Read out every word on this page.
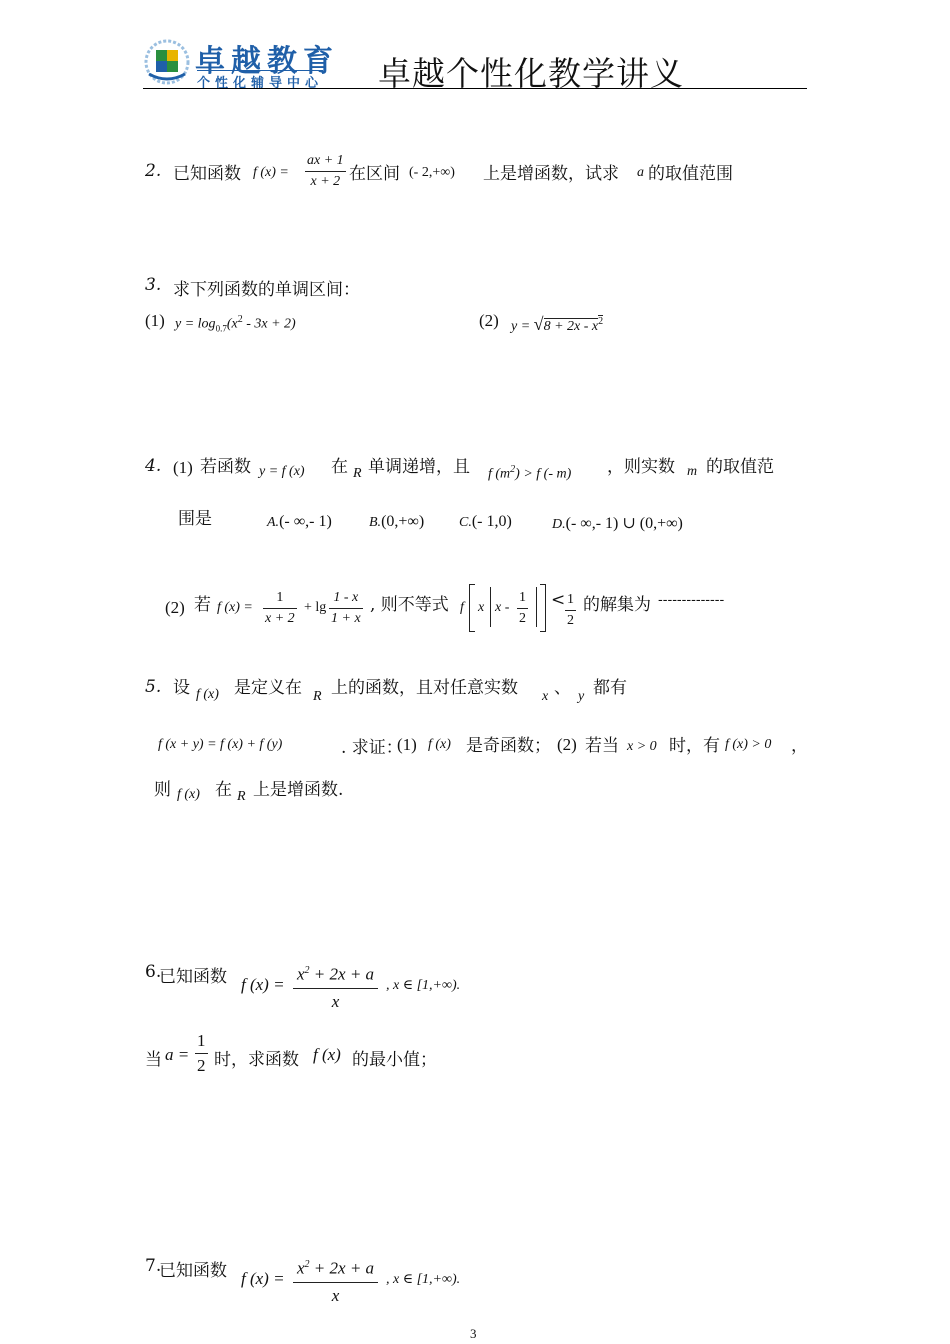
卓越教育
个性化辅导中心 卓越个性化教学讲义
2. 已知函数 f $(x) = \frac{ax + 1}{x + 2}$ 在区间 (- 2,+∞) 上是增函数，试求 a 的取值范围
3. 求下列函数的单调区间：
(1) $y = \log_{0.7}(x^2 - 3x + 2)$	(2) $y = √8 + 2x - x^2$
4. (1) 若函数 y = f (x) 在 R 单调递增，且 f $(m^2) > f$ (- m) ，则实数 m 的取值范
围是	A.(- ∞,- 1)	B.(0,+∞) C.(- 1,0)	D.(- ∞,- 1) ∪ (0,+∞)
(2) 若 f $(x) = \frac{1}{x + 2} + \lg \frac{1 - x}{1 + x}$ , 则不等式 f x $x - \frac{1}{2} < \frac{1}{2}$ 的解集为 --------------
5. 设 f (x) 是定义在 R 上的函数，且对任意实数 x 、 y 都有
f (x + y) = f (x) + f (y)	. 求证：
(1) f (x) 是奇函数； (2) 若当 x > 0 时，有 f (x) > 0 ，
则 f (x) 在 R 上是增函数.
6.
已知函数 f $(x) = \frac{x^2 + 2x + a}{x}$ , x ∈ [1,+∞).
当 $a = \frac{1}{2}$ 时，求函数 f (x) 的最小值；
7.
已知函数 f $(x) = \frac{x^2 + 2x + a}{x}$ , x ∈ [1,+∞).
3
